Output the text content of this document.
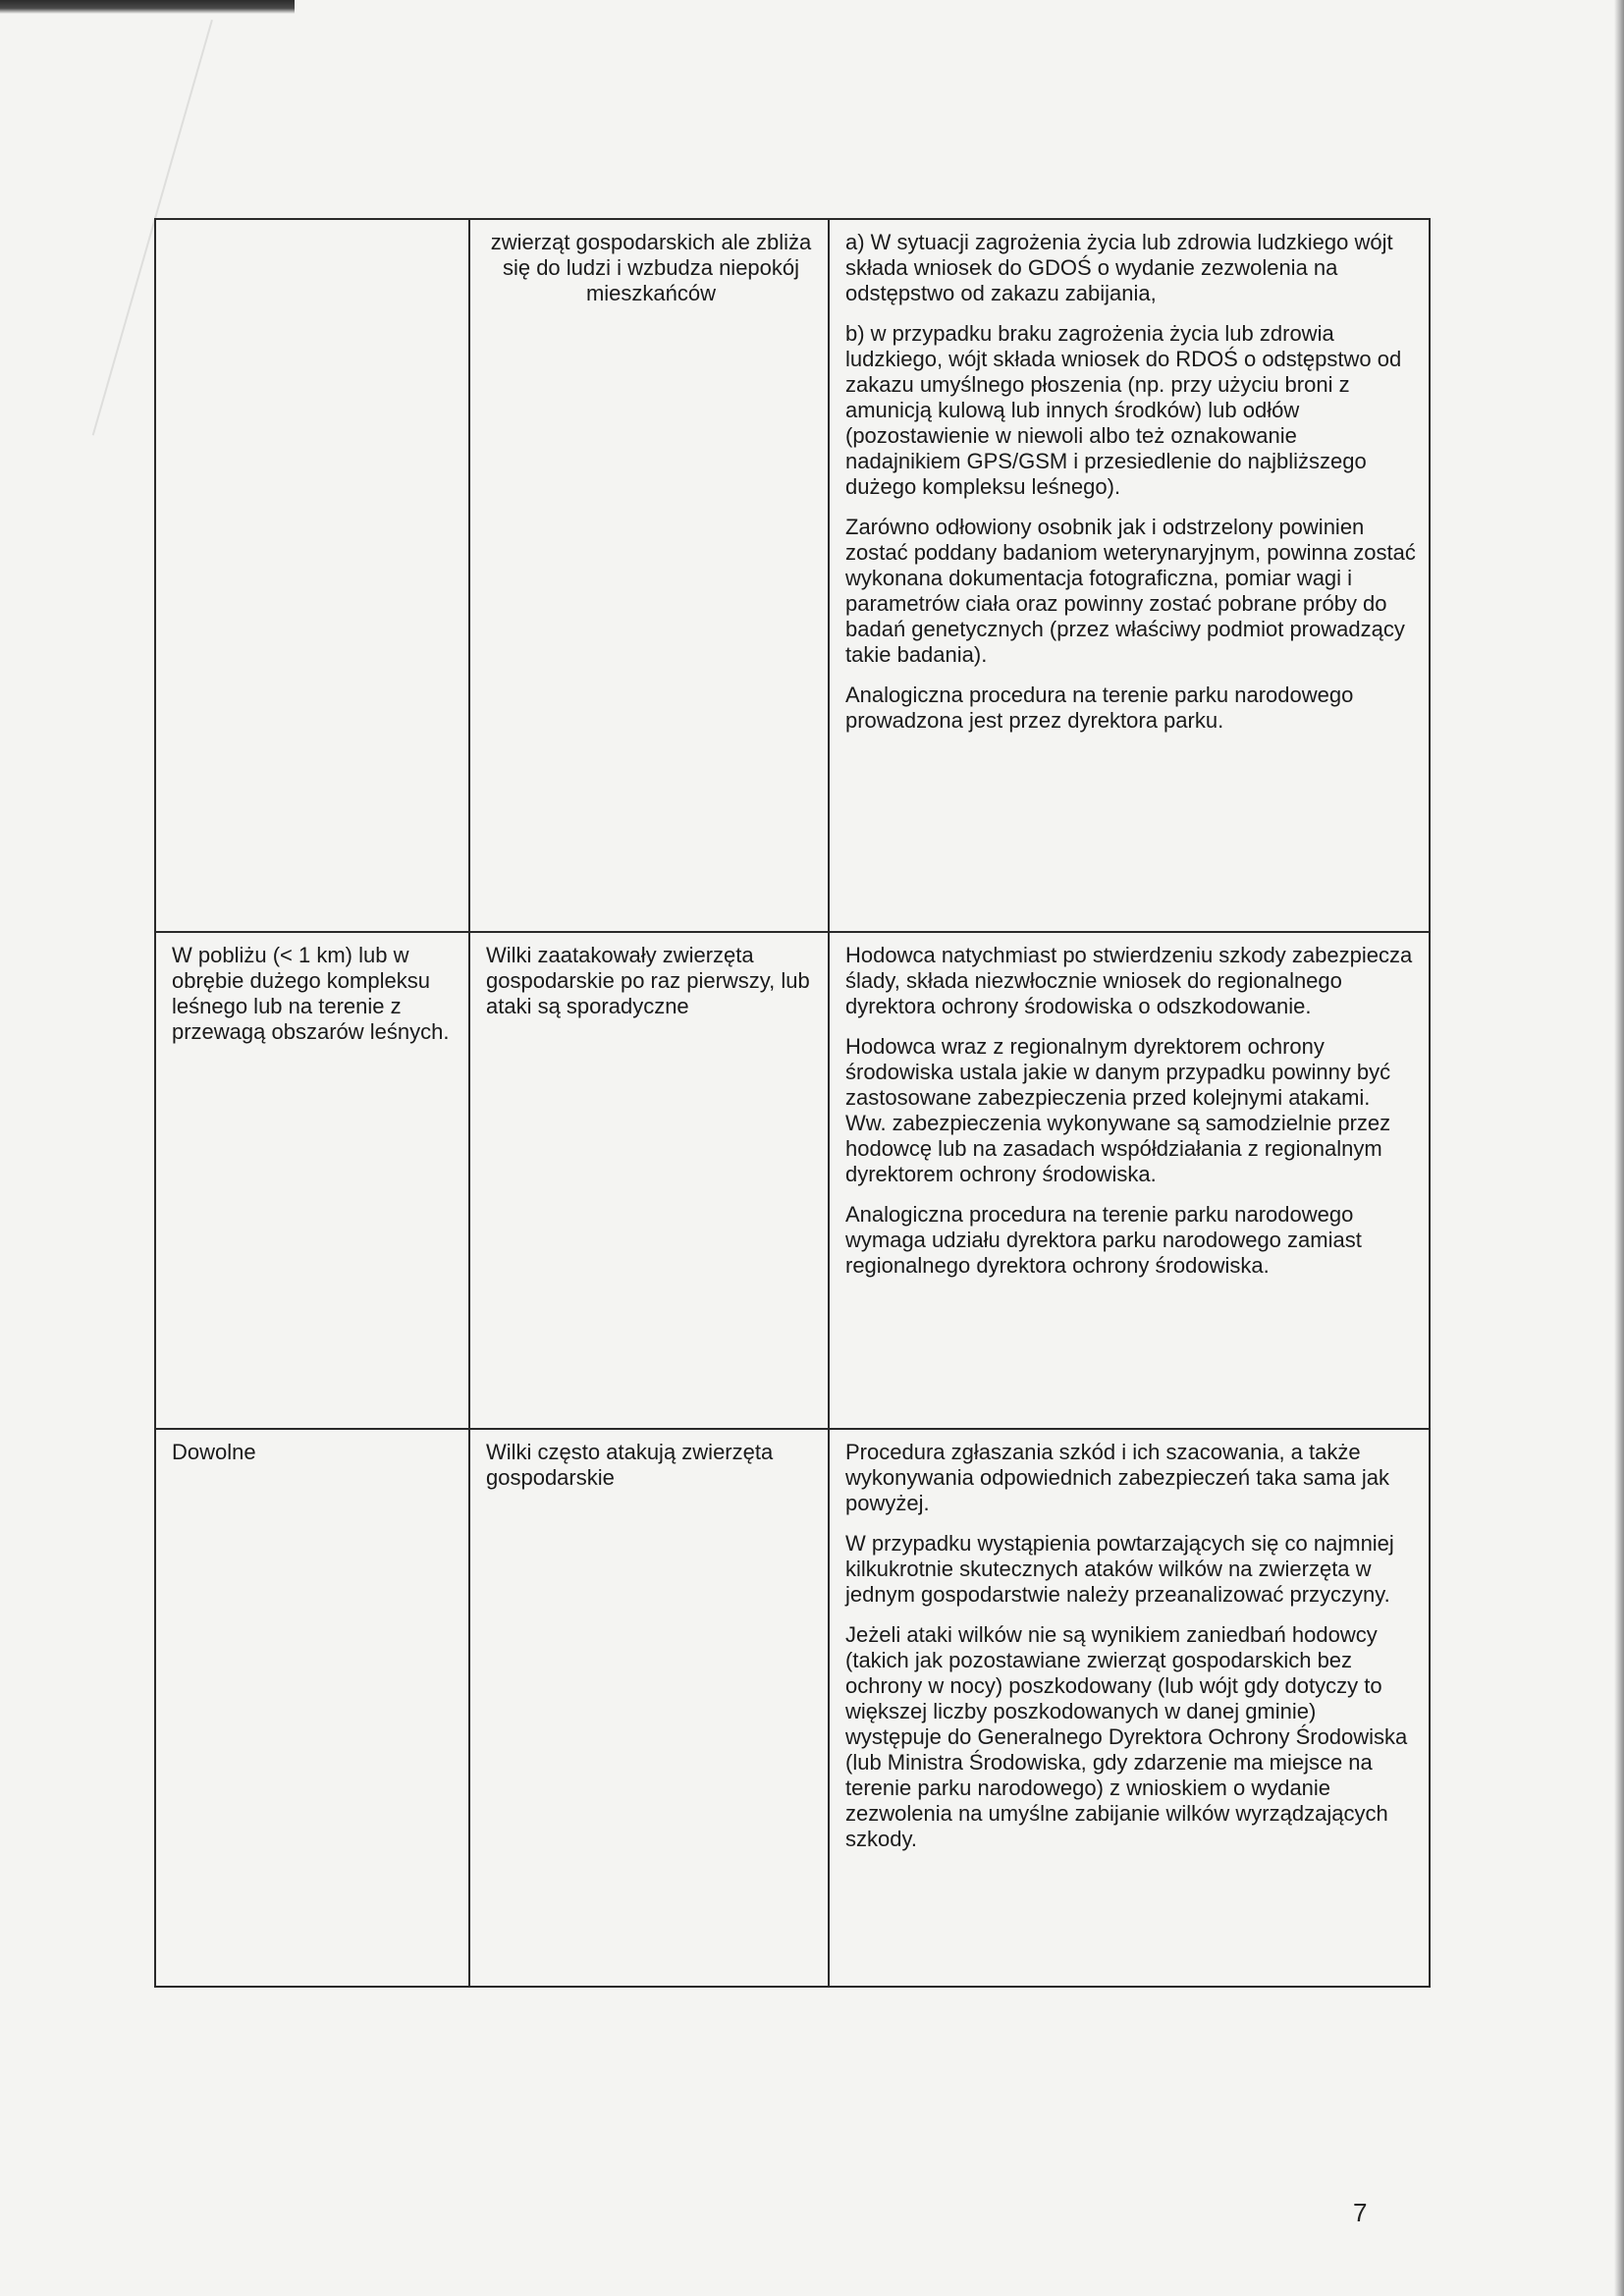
	zwierząt gospodarskich ale zbliża się do ludzi i wzbudza niepokój mieszkańców	a) W sytuacji zagrożenia życia lub zdrowia ludzkiego wójt składa wniosek do GDOŚ o wydanie zezwolenia na odstępstwo od zakazu zabijania,

b) w przypadku braku zagrożenia życia lub zdrowia ludzkiego, wójt składa wniosek do RDOŚ o odstępstwo od zakazu umyślnego płoszenia (np. przy użyciu broni z amunicją kulową lub innych środków) lub odłów (pozostawienie w niewoli albo też oznakowanie nadajnikiem GPS/GSM i przesiedlenie do najbliższego dużego kompleksu leśnego).

Zarówno odłowiony osobnik jak i odstrzelony powinien zostać poddany badaniom weterynaryjnym, powinna zostać wykonana dokumentacja fotograficzna, pomiar wagi i parametrów ciała oraz powinny zostać pobrane próby do badań genetycznych (przez właściwy podmiot prowadzący takie badania).

Analogiczna procedura na terenie parku narodowego prowadzona jest przez dyrektora parku.

W pobliżu (< 1 km) lub w obrębie dużego kompleksu leśnego lub na terenie z przewagą obszarów leśnych.	Wilki zaatakowały zwierzęta gospodarskie po raz pierwszy, lub ataki są sporadyczne	Hodowca natychmiast po stwierdzeniu szkody zabezpiecza ślady, składa niezwłocznie wniosek do regionalnego dyrektora ochrony środowiska o odszkodowanie.

Hodowca wraz z regionalnym dyrektorem ochrony środowiska ustala jakie w danym przypadku powinny być zastosowane zabezpieczenia przed kolejnymi atakami. Ww. zabezpieczenia wykonywane są samodzielnie przez hodowcę lub na zasadach współdziałania z regionalnym dyrektorem ochrony środowiska.

Analogiczna procedura na terenie parku narodowego wymaga udziału dyrektora parku narodowego zamiast regionalnego dyrektora ochrony środowiska.

Dowolne	Wilki często atakują zwierzęta gospodarskie	Procedura zgłaszania szkód i ich szacowania, a także wykonywania odpowiednich zabezpieczeń taka sama jak powyżej.

W przypadku wystąpienia powtarzających się co najmniej kilkukrotnie skutecznych ataków wilków na zwierzęta w jednym gospodarstwie należy przeanalizować przyczyny.

Jeżeli ataki wilków nie są wynikiem zaniedbań hodowcy (takich jak pozostawiane zwierząt gospodarskich bez ochrony w nocy) poszkodowany (lub wójt gdy dotyczy to większej liczby poszkodowanych w danej gminie) występuje do Generalnego Dyrektora Ochrony Środowiska (lub Ministra Środowiska, gdy zdarzenie ma miejsce na terenie parku narodowego) z wnioskiem o wydanie zezwolenia na umyślne zabijanie wilków wyrządzających szkody.

7
